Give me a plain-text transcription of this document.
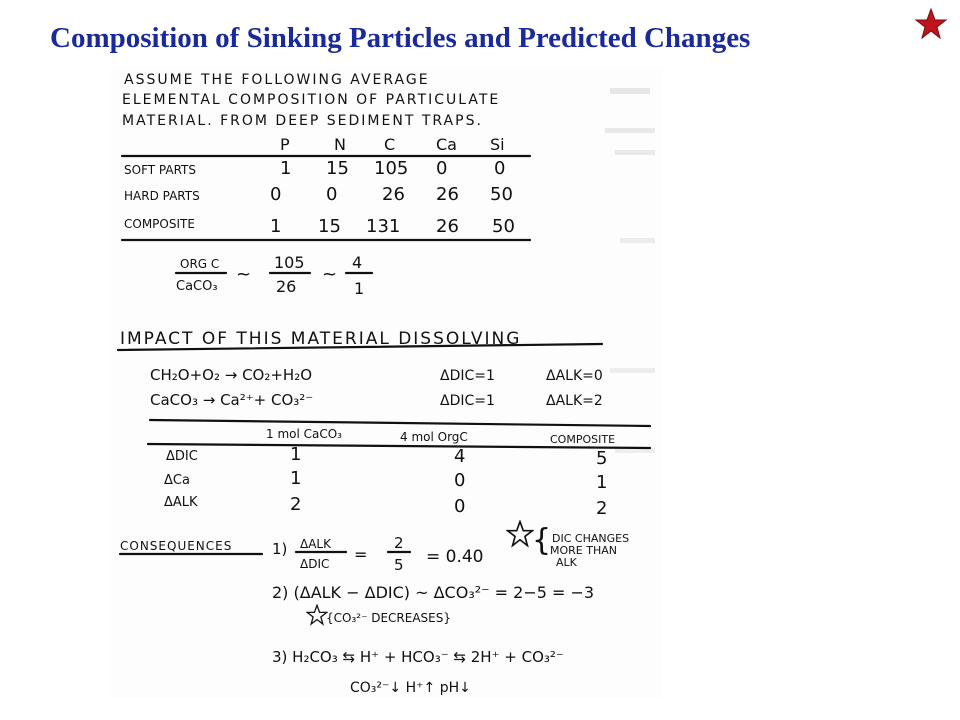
Composition of Sinking Particles and Predicted Changes
ASSUME THE FOLLOWING AVERAGE
ELEMENTAL COMPOSITION OF PARTICULATE
MATERIAL. FROM DEEP SEDIMENT TRAPS.
P	N C	Ca Si
SOFT PARTS	1 15 105 0	0
HARD PARTS	0 0 26 26 50
COMPOSITE	1 15 131 26 50
ORG C
CaCO₃
~
105
26
~
4
1
IMPACT OF THIS MATERIAL DISSOLVING
CH₂O+O₂ → CO₂+H₂O	ΔDIC=1	ΔALK=0
CaCO₃ → Ca²⁺+ CO₃²⁻	ΔDIC=1	ΔALK=2
1 mol CaCO₃	4 mol OrgC	COMPOSITE
ΔDIC	1	4	5
ΔCa	1	0	1
ΔALK	2	0	2
CONSEQUENCES	1) ΔALK
ΔDIC =
2
5 = 0.40 { DIC CHANGES
MORE THAN
ALK
2) (ΔALK − ΔDIC) ~ ΔCO₃²⁻ = 2−5 = −3
{CO₃²⁻ DECREASES}
3) H₂CO₃ ⇆ H⁺ + HCO₃⁻ ⇆ 2H⁺ + CO₃²⁻
CO₃²⁻↓ H⁺↑ pH↓
